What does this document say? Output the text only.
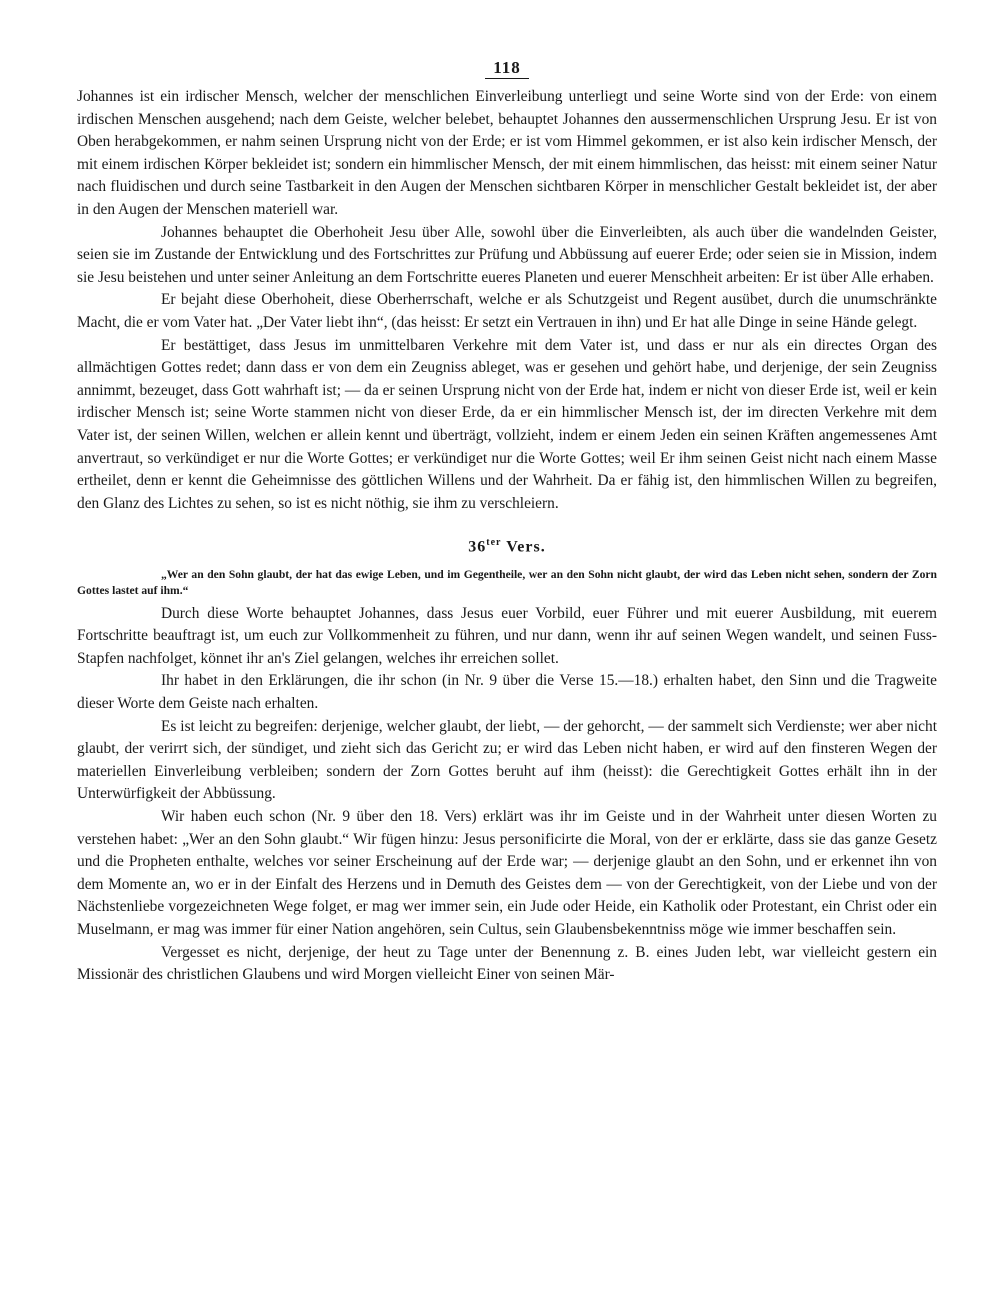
118

Johannes ist ein irdischer Mensch, welcher der menschlichen Einverleibung unterliegt und seine Worte sind von der Erde: von einem irdischen Menschen ausgehend; nach dem Geiste, welcher belebet, behauptet Johannes den aussermenschlichen Ursprung Jesu. Er ist von Oben herabgekommen, er nahm seinen Ursprung nicht von der Erde; er ist vom Himmel gekommen, er ist also kein irdischer Mensch, der mit einem irdischen Körper bekleidet ist; sondern ein himmlischer Mensch, der mit einem himmlischen, das heisst: mit einem seiner Natur nach fluidischen und durch seine Tastbarkeit in den Augen der Menschen sichtbaren Körper in menschlicher Gestalt bekleidet ist, der aber in den Augen der Menschen materiell war.

Johannes behauptet die Oberhoheit Jesu über Alle, sowohl über die Einverleibten, als auch über die wandelnden Geister, seien sie im Zustande der Entwicklung und des Fortschrittes zur Prüfung und Abbüssung auf euerer Erde; oder seien sie in Mission, indem sie Jesu beistehen und unter seiner Anleitung an dem Fortschritte eueres Planeten und euerer Menschheit arbeiten: Er ist über Alle erhaben.

Er bejaht diese Oberhoheit, diese Oberherrschaft, welche er als Schutzgeist und Regent ausübet, durch die unumschränkte Macht, die er vom Vater hat. „Der Vater liebt ihn“, (das heisst: Er setzt ein Vertrauen in ihn) und Er hat alle Dinge in seine Hände gelegt.

Er bestättiget, dass Jesus im unmittelbaren Verkehre mit dem Vater ist, und dass er nur als ein directes Organ des allmächtigen Gottes redet; dann dass er von dem ein Zeugniss ableget, was er gesehen und gehört habe, und derjenige, der sein Zeugniss annimmt, bezeuget, dass Gott wahrhaft ist; — da er seinen Ursprung nicht von der Erde hat, indem er nicht von dieser Erde ist, weil er kein irdischer Mensch ist; seine Worte stammen nicht von dieser Erde, da er ein himmlischer Mensch ist, der im directen Verkehre mit dem Vater ist, der seinen Willen, welchen er allein kennt und überträgt, vollzieht, indem er einem Jeden ein seinen Kräften angemessenes Amt anvertraut, so verkündiget er nur die Worte Gottes; er verkündiget nur die Worte Gottes; weil Er ihm seinen Geist nicht nach einem Masse ertheilet, denn er kennt die Geheimnisse des göttlichen Willens und der Wahrheit. Da er fähig ist, den himmlischen Willen zu begreifen, den Glanz des Lichtes zu sehen, so ist es nicht nöthig, sie ihm zu verschleiern.

$36^{ter}$ Vers.

„Wer an den Sohn glaubt, der hat das ewige Leben, und im Gegentheile, wer an den Sohn nicht glaubt, der wird das Leben nicht sehen, sondern der Zorn Gottes lastet auf ihm.“

Durch diese Worte behauptet Johannes, dass Jesus euer Vorbild, euer Führer und mit euerer Ausbildung, mit euerem Fortschritte beauftragt ist, um euch zur Vollkommenheit zu führen, und nur dann, wenn ihr auf seinen Wegen wandelt, und seinen Fuss-Stapfen nachfolget, könnet ihr an's Ziel gelangen, welches ihr erreichen sollet.

Ihr habet in den Erklärungen, die ihr schon (in Nr. 9 über die Verse 15.—18.) erhalten habet, den Sinn und die Tragweite dieser Worte dem Geiste nach erhalten.

Es ist leicht zu begreifen: derjenige, welcher glaubt, der liebt, — der gehorcht, — der sammelt sich Verdienste; wer aber nicht glaubt, der verirrt sich, der sündiget, und zieht sich das Gericht zu; er wird das Leben nicht haben, er wird auf den finsteren Wegen der materiellen Einverleibung verbleiben; sondern der Zorn Gottes beruht auf ihm (heisst): die Gerechtigkeit Gottes erhält ihn in der Unterwürfigkeit der Abbüssung.

Wir haben euch schon (Nr. 9 über den 18. Vers) erklärt was ihr im Geiste und in der Wahrheit unter diesen Worten zu verstehen habet: „Wer an den Sohn glaubt.“ Wir fügen hinzu: Jesus personificirte die Moral, von der er erklärte, dass sie das ganze Gesetz und die Propheten enthalte, welches vor seiner Erscheinung auf der Erde war; — derjenige glaubt an den Sohn, und er erkennet ihn von dem Momente an, wo er in der Einfalt des Herzens und in Demuth des Geistes dem — von der Gerechtigkeit, von der Liebe und von der Nächstenliebe vorgezeichneten Wege folget, er mag wer immer sein, ein Jude oder Heide, ein Katholik oder Protestant, ein Christ oder ein Muselmann, er mag was immer für einer Nation angehören, sein Cultus, sein Glaubensbekenntniss möge wie immer beschaffen sein.

Vergesset es nicht, derjenige, der heut zu Tage unter der Benennung z. B. eines Juden lebt, war vielleicht gestern ein Missionär des christlichen Glaubens und wird Morgen vielleicht Einer von seinen Mär-
